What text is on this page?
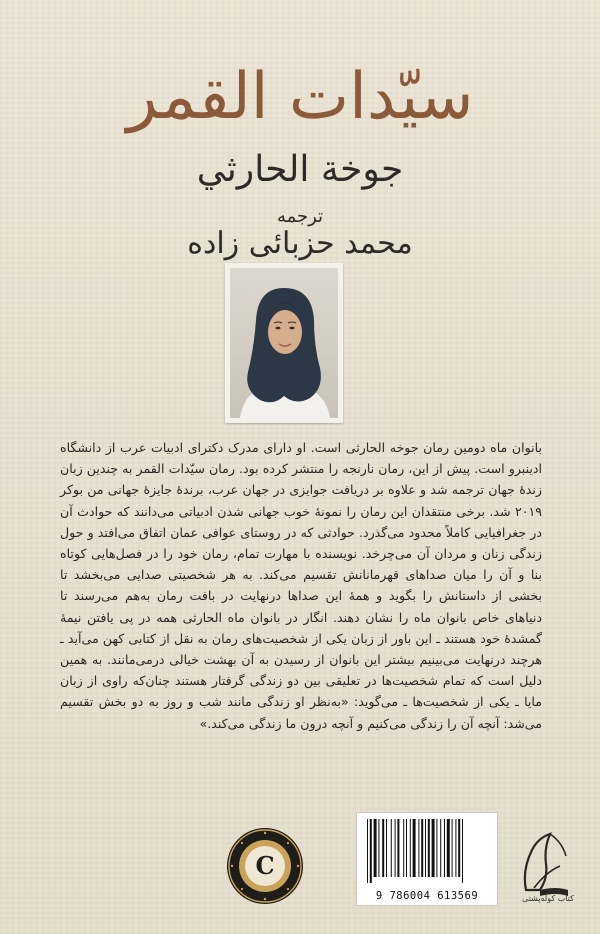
سیّدات القمر
جوخة الحارثي
ترجمه
محمد حزبائی زاده

بانوان ماه دومین رمان جوخه الحارثی است. او دارای مدرک دکترای ادبیات عرب از دانشگاه ادینبرو است. پیش از این، رمان نارنجه را منتشر کرده بود. رمان سیّدات القمر به چندین زبان زندهٔ جهان ترجمه شد و علاوه بر دریافت جوایزی در جهان عرب، برندهٔ جایزهٔ جهانی من بوکر ۲۰۱۹ شد. برخی منتقدان این رمان را نمونهٔ خوب جهانی شدن ادبیاتی می‌دانند که حوادث آن در جغرافیایی کاملاً محدود می‌گذرد. حوادثی که در روستای عوافی عمان اتفاق می‌افتد و حول زندگی زنان و مردان آن می‌چرخد. نویسنده با مهارت تمام، رمان خود را در فصل‌هایی کوتاه بنا و آن را میان صداهای قهرمانانش تقسیم می‌کند. به هر شخصیتی صدایی می‌بخشد تا بخشی از داستانش را بگوید و همهٔ این صداها درنهایت در بافت رمان به‌هم می‌رسند تا دنیاهای خاص بانوان ماه را نشان دهند. انگار در بانوان ماه الحارثی همه در پی یافتن نیمهٔ گمشدهٔ خود هستند ـ این باور از زبان یکی از شخصیت‌های رمان به نقل از کتابی کهن می‌آید ـ هرچند درنهایت می‌بینیم بیشتر این بانوان از رسیدن به آن بهشت خیالی درمی‌مانند. به همین دلیل است که تمام شخصیت‌ها در تعلیقی بین دو زندگی گرفتار هستند چنان‌که راوی از زبان مایا ـ یکی از شخصیت‌ها ـ می‌گوید: «به‌نظر او زندگی مانند شب و روز به دو بخش تقسیم می‌شد: آنچه آن را زندگی می‌کنیم و آنچه درون ما زندگی می‌کند.»

C
9 786004 613569	کتاب کوله‌پشتی
